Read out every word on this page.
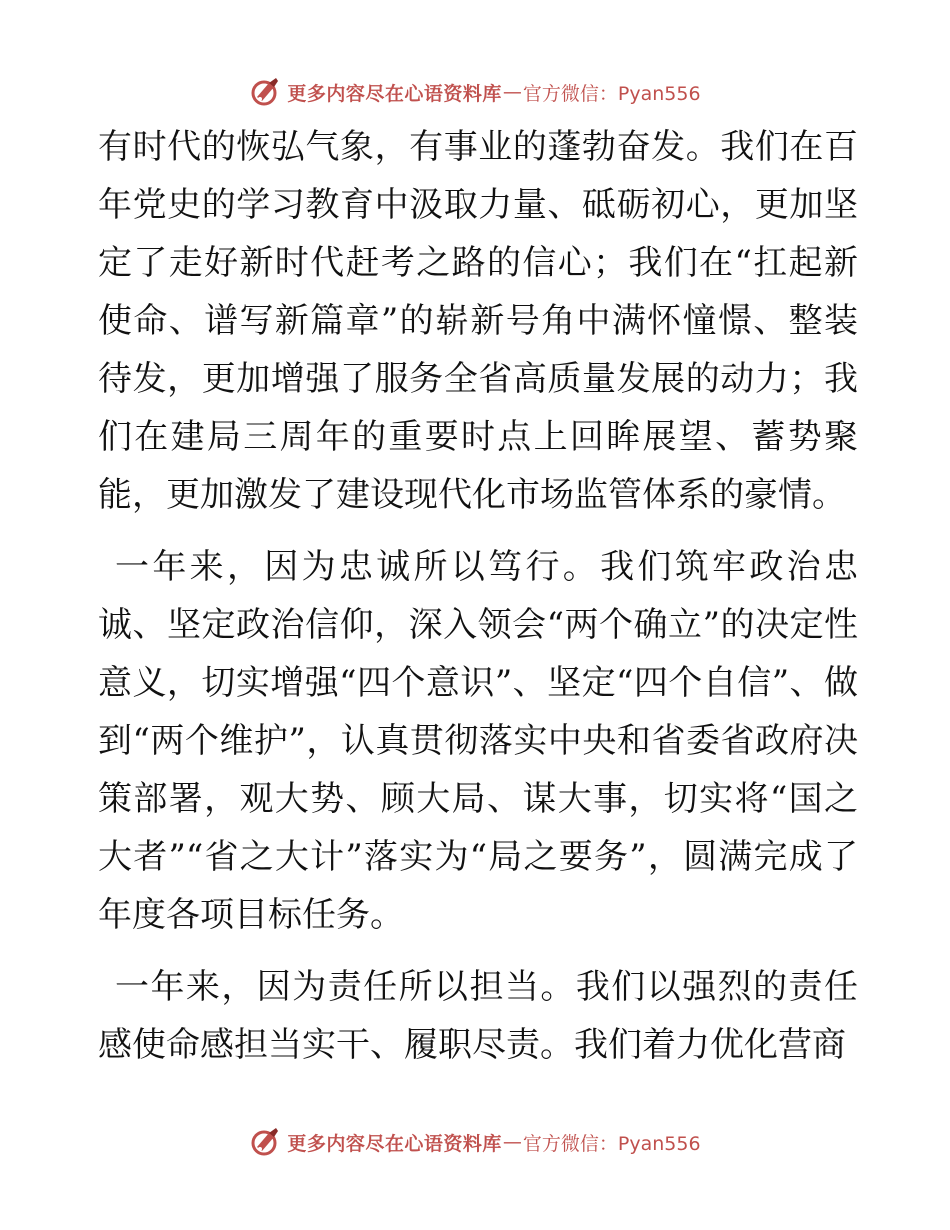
更多内容尽在心语资料库 — 官方微信：Pyan556

有时代的恢弘气象，有事业的蓬勃奋发。我们在百年党史的学习教育中汲取力量、砥砺初心，更加坚定了走好新时代赶考之路的信心；我们在“扛起新使命、谱写新篇章”的崭新号角中满怀憧憬、整装待发，更加增强了服务全省高质量发展的动力；我们在建局三周年的重要时点上回眸展望、蓄势聚能，更加激发了建设现代化市场监管体系的豪情。

一年来，因为忠诚所以笃行。我们筑牢政治忠诚、坚定政治信仰，深入领会“两个确立”的决定性意义，切实增强“四个意识”、坚定“四个自信”、做到“两个维护”，认真贯彻落实中央和省委省政府决策部署，观大势、顾大局、谋大事，切实将“国之大者”“省之大计”落实为“局之要务”，圆满完成了年度各项目标任务。

一年来，因为责任所以担当。我们以强烈的责任感使命感担当实干、履职尽责。我们着力优化营商

更多内容尽在心语资料库 — 官方微信：Pyan556
